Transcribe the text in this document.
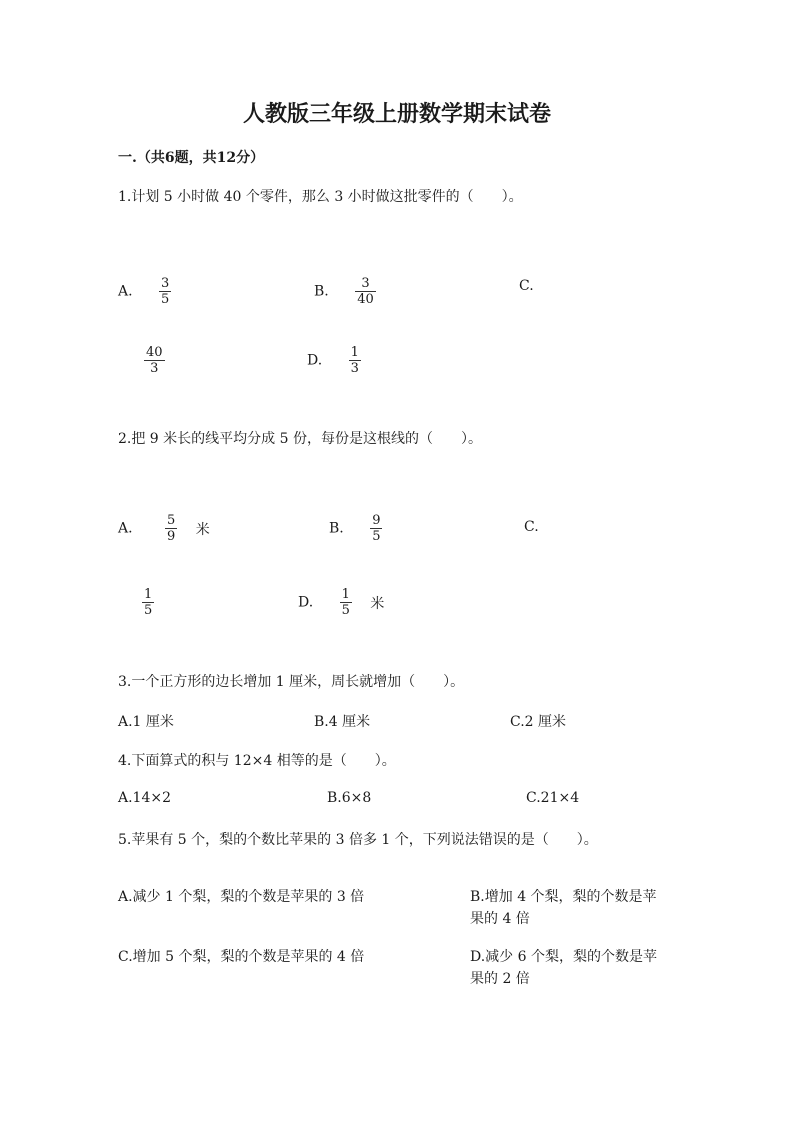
人教版三年级上册数学期末试卷
一.（共6题，共12分）
1.计划 5 小时做 40 个零件，那么 3 小时做这批零件的（　　）。
A. $\frac{3}{5}$	B. $\frac{3}{40}$	C.
$\frac{40}{3}$	D. $\frac{1}{3}$
2.把 9 米长的线平均分成 5 份，每份是这根线的（　　）。
A. $\frac{5}{9}$ 米	B. $\frac{9}{5}$	C.
$\frac{1}{5}$	D. $\frac{1}{5}$ 米
3.一个正方形的边长增加 1 厘米，周长就增加（　　）。
A.1 厘米	B.4 厘米	C.2 厘米
4.下面算式的积与 12×4 相等的是（　　）。
A.14×2	B.6×8	C.21×4
5.苹果有 5 个，梨的个数比苹果的 3 倍多 1 个，下列说法错误的是（　　）。
A.减少 1 个梨，梨的个数是苹果的 3 倍	B.增加 4 个梨，梨的个数是苹果的 4 倍
C.增加 5 个梨，梨的个数是苹果的 4 倍	D.减少 6 个梨，梨的个数是苹果的 2 倍
